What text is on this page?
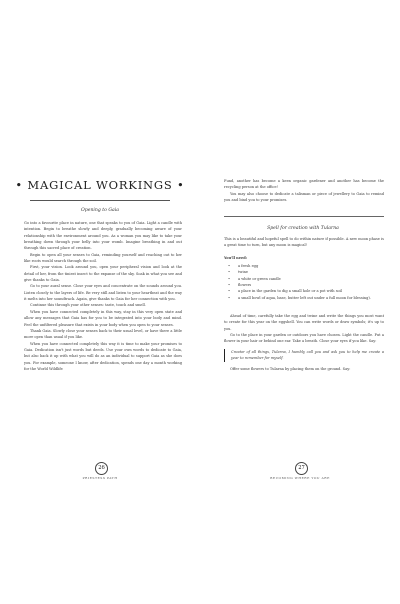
• MAGICAL WORKINGS •
Opening to Gaia

Go into a favourite place in nature, one that speaks to you of Gaia. Light a candle with intention. Begin to breathe slowly and deeply, gradually becoming aware of your relationship with the environment around you. As a woman you may like to take your breathing down through your belly into your womb. Imagine breathing in and out through this sacred place of creation.

Begin to open all your senses to Gaia, reminding yourself and reaching out to her like roots would search through the soil.

First, your vision. Look around you, open your peripheral vision and look at the detail of her, from the tiniest insect to the expanse of the sky. Soak in what you see and give thanks to Gaia.

Go to your aural sense. Close your eyes and concentrate on the sounds around you. Listen closely to the layers of life. Be very still and listen to your heartbeat and the way it melts into her soundtrack. Again, give thanks to Gaia for her connection with you.

Continue this through your other senses: taste, touch and smell.

When you have connected completely in this way, stay in this very open state and allow any messages that Gaia has for you to be integrated into your body and mind. Feel the unfiltered pleasure that exists in your body when you open to your senses.

Thank Gaia. Slowly close your senses back to their usual level, or have there a little more open than usual if you like.

When you have connected completely this way it is time to make your promises to Gaia. Dedication isn't just words but deeds. Use your own words to dedicate to Gaia, but also back it up with what you will do as an individual to support Gaia as she does you. For example, someone I know, after dedication, spends one day a month working for the World Wildlife

26
PRIESTESS PATH

Fund, another has become a keen organic gardener and another has become the recycling person at the office!

You may also choose to dedicate a talisman or piece of jewellery to Gaia to remind you and bind you to your promises.

Spell for creation with Tularna

This is a beautiful and hopeful spell to do within nature if possible. A new moon phase is a great time to turn, but any moon is magical!

You'll need:

• a fresh egg
• twine
• a white or green candle
• flowers
• a place in the garden to dig a small hole or a pot with soil
• a small bowl of aqua, base, butter left out under a full moon for blessing).

Ahead of time, carefully take the egg and twine and write the things you most want to create for this year on the eggshell. You can write words or draw symbols; it's up to you.

Go to the place in your garden or outdoors you have chosen. Light the candle. Put a flower in your hair or behind one ear. Take a breath. Close your eyes if you like. Say:

Creator of all things, Tularna, I humbly call you and ask you to help me create a year to remember for myself.

Offer some flowers to Tularna by placing them on the ground. Say:

27
BECOMING WHERE YOU ARE
